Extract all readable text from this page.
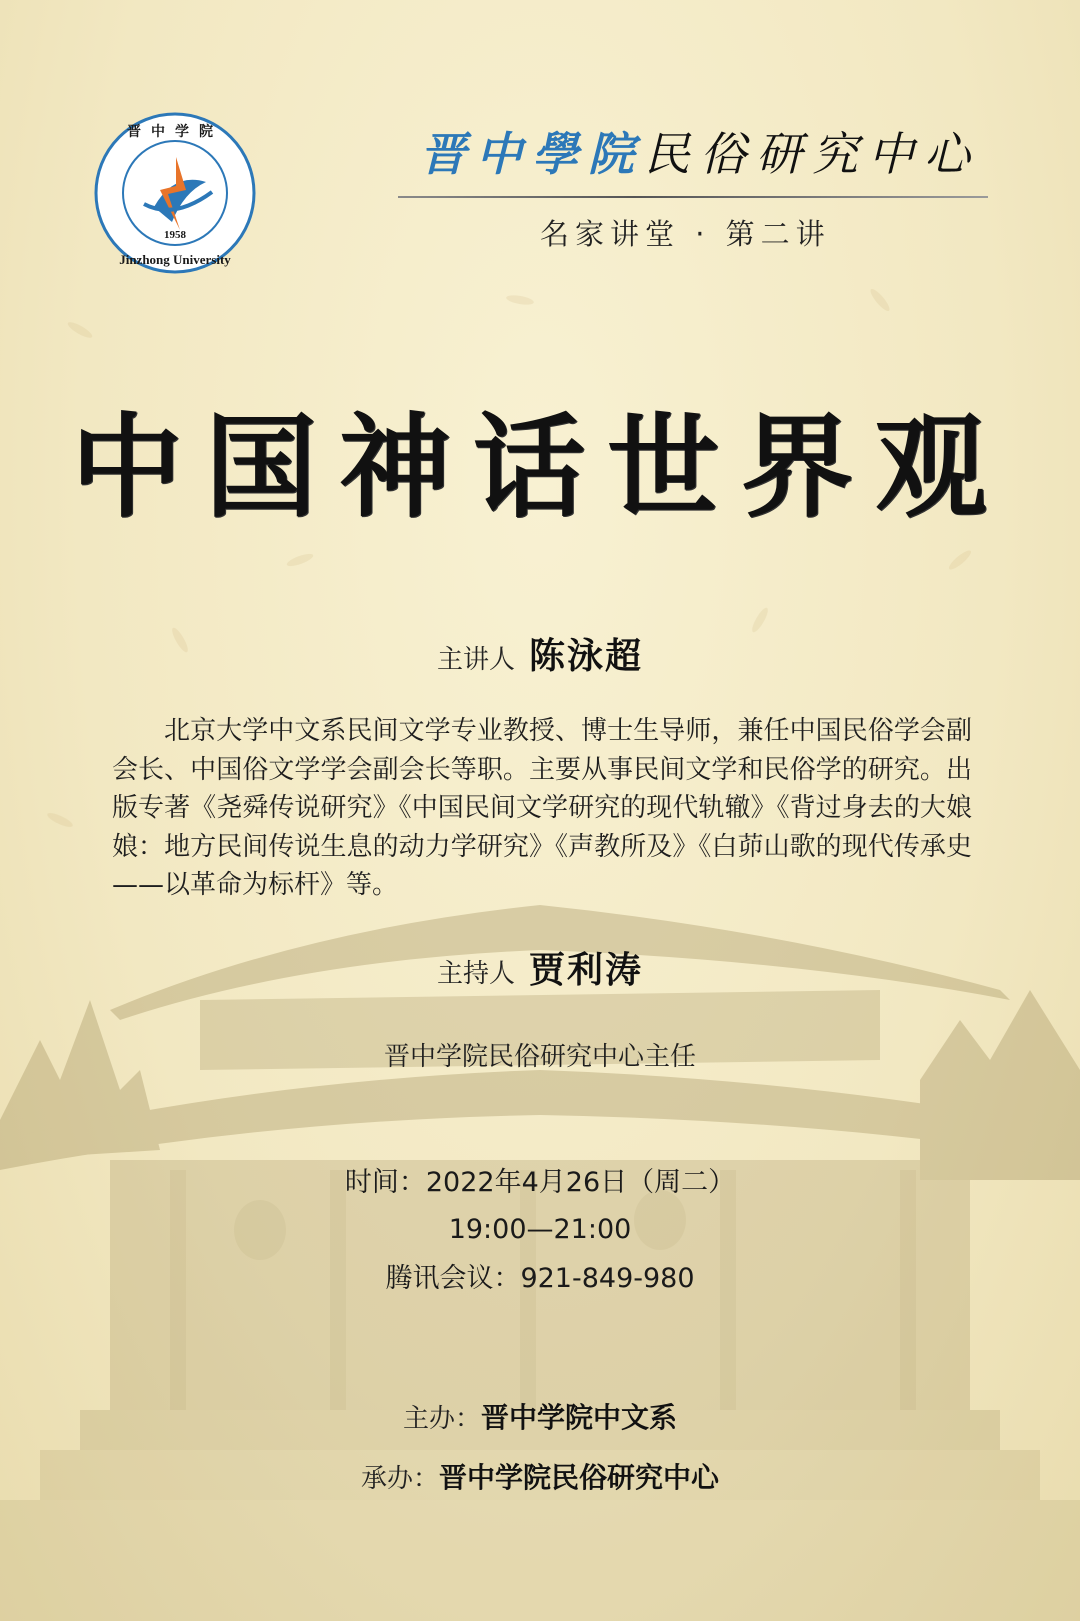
1958
晋中学院
Jinzhong University
晋中學院民俗研究中心
名家讲堂 · 第二讲
中国神话世界观
主讲人 陈泳超
北京大学中文系民间文学专业教授、博士生导师，兼任中国民俗学会副会长、中国俗文学学会副会长等职。主要从事民间文学和民俗学的研究。出版专著《尧舜传说研究》《中国民间文学研究的现代轨辙》《背过身去的大娘娘：地方民间传说生息的动力学研究》《声教所及》《白茆山歌的现代传承史——以革命为标杆》等。
主持人 贾利涛
晋中学院民俗研究中心主任
时间：2022年4月26日（周二）
19:00—21:00
腾讯会议：921-849-980
主办：晋中学院中文系
承办：晋中学院民俗研究中心
